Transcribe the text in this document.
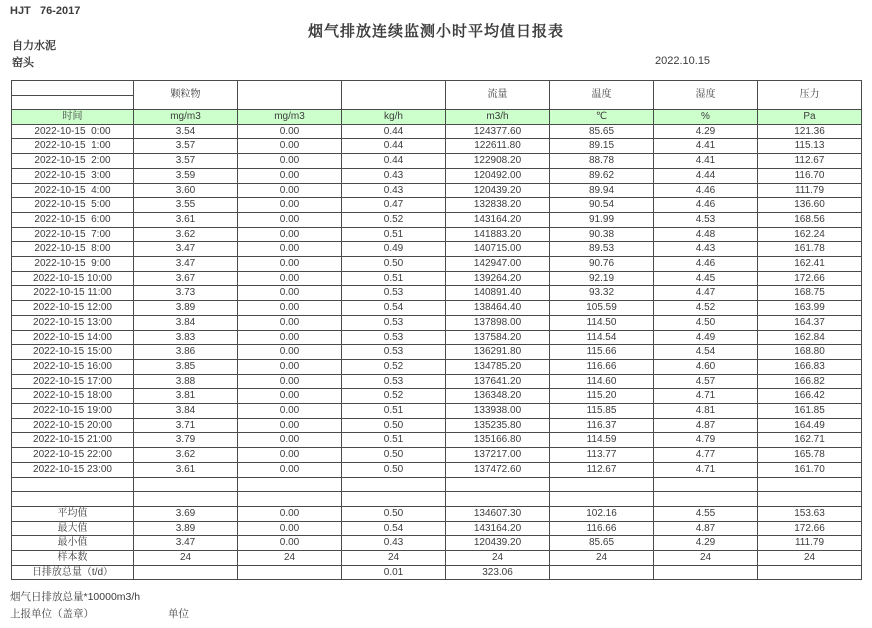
HJT   76-2017
烟气排放连续监测小时平均值日报表
自力水泥
窑头	2022.10.15
	颗粒物			流量	温度	湿度	压力

时间	mg/m3	mg/m3	kg/h	m3/h	℃	%	Pa
2022-10-15  0:00	3.54	0.00	0.44	124377.60	85.65	4.29	121.36
2022-10-15  1:00	3.57	0.00	0.44	122611.80	89.15	4.41	115.13
2022-10-15  2:00	3.57	0.00	0.44	122908.20	88.78	4.41	112.67
2022-10-15  3:00	3.59	0.00	0.43	120492.00	89.62	4.44	116.70
2022-10-15  4:00	3.60	0.00	0.43	120439.20	89.94	4.46	111.79
2022-10-15  5:00	3.55	0.00	0.47	132838.20	90.54	4.46	136.60
2022-10-15  6:00	3.61	0.00	0.52	143164.20	91.99	4.53	168.56
2022-10-15  7:00	3.62	0.00	0.51	141883.20	90.38	4.48	162.24
2022-10-15  8:00	3.47	0.00	0.49	140715.00	89.53	4.43	161.78
2022-10-15  9:00	3.47	0.00	0.50	142947.00	90.76	4.46	162.41
2022-10-15 10:00	3.67	0.00	0.51	139264.20	92.19	4.45	172.66
2022-10-15 11:00	3.73	0.00	0.53	140891.40	93.32	4.47	168.75
2022-10-15 12:00	3.89	0.00	0.54	138464.40	105.59	4.52	163.99
2022-10-15 13:00	3.84	0.00	0.53	137898.00	114.50	4.50	164.37
2022-10-15 14:00	3.83	0.00	0.53	137584.20	114.54	4.49	162.84
2022-10-15 15:00	3.86	0.00	0.53	136291.80	115.66	4.54	168.80
2022-10-15 16:00	3.85	0.00	0.52	134785.20	116.66	4.60	166.83
2022-10-15 17:00	3.88	0.00	0.53	137641.20	114.60	4.57	166.82
2022-10-15 18:00	3.81	0.00	0.52	136348.20	115.20	4.71	166.42
2022-10-15 19:00	3.84	0.00	0.51	133938.00	115.85	4.81	161.85
2022-10-15 20:00	3.71	0.00	0.50	135235.80	116.37	4.87	164.49
2022-10-15 21:00	3.79	0.00	0.51	135166.80	114.59	4.79	162.71
2022-10-15 22:00	3.62	0.00	0.50	137217.00	113.77	4.77	165.78
2022-10-15 23:00	3.61	0.00	0.50	137472.60	112.67	4.71	161.70

平均值	3.69	0.00	0.50	134607.30	102.16	4.55	153.63
最大值	3.89	0.00	0.54	143164.20	116.66	4.87	172.66
最小值	3.47	0.00	0.43	120439.20	85.65	4.29	111.79
样本数	24	24	24	24	24	24	24
日排放总量（t/d）			0.01	323.06			
烟气日排放总量*10000m3/h
上报单位（盖章）	单位
